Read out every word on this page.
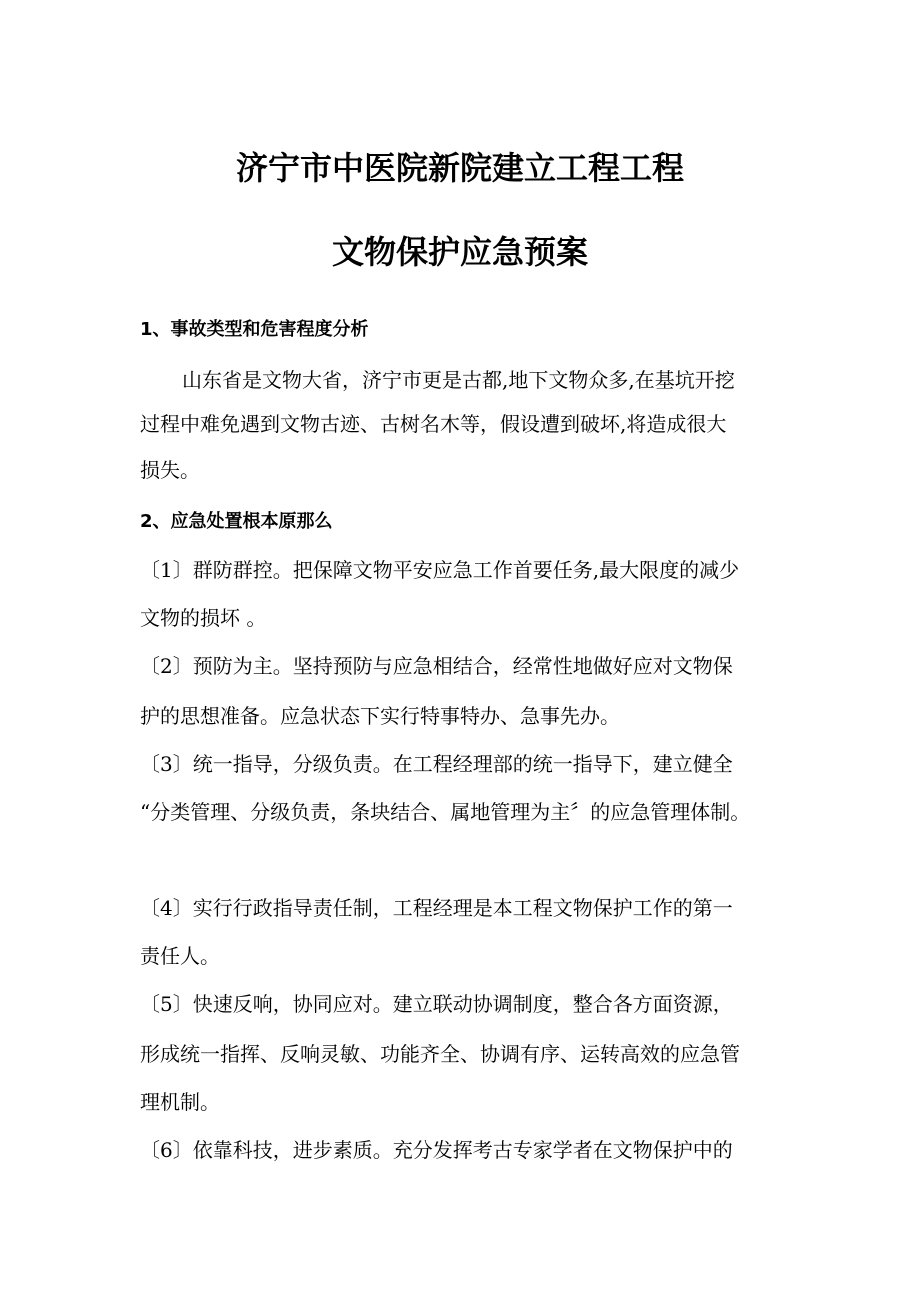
济宁市中医院新院建立工程工程
文物保护应急预案
1、事故类型和危害程度分析
山东省是文物大省，济宁市更是古都,地下文物众多,在基坑开挖
过程中难免遇到文物古迹、古树名木等，假设遭到破坏,将造成很大
损失。
2、应急处置根本原那么
〔1〕群防群控。把保障文物平安应急工作首要任务,最大限度的减少
文物的损坏 。
〔2〕预防为主。坚持预防与应急相结合，经常性地做好应对文物保
护的思想准备。应急状态下实行特事特办、急事先办。
〔3〕统一指导，分级负责。在工程经理部的统一指导下，建立健全
“分类管理、分级负责，条块结合、属地管理为主〞的应急管理体制。
〔4〕实行行政指导责任制，工程经理是本工程文物保护工作的第一
责任人。
〔5〕快速反响，协同应对。建立联动协调制度，整合各方面资源，
形成统一指挥、反响灵敏、功能齐全、协调有序、运转高效的应急管
理机制。
〔6〕依靠科技，进步素质。充分发挥考古专家学者在文物保护中的
